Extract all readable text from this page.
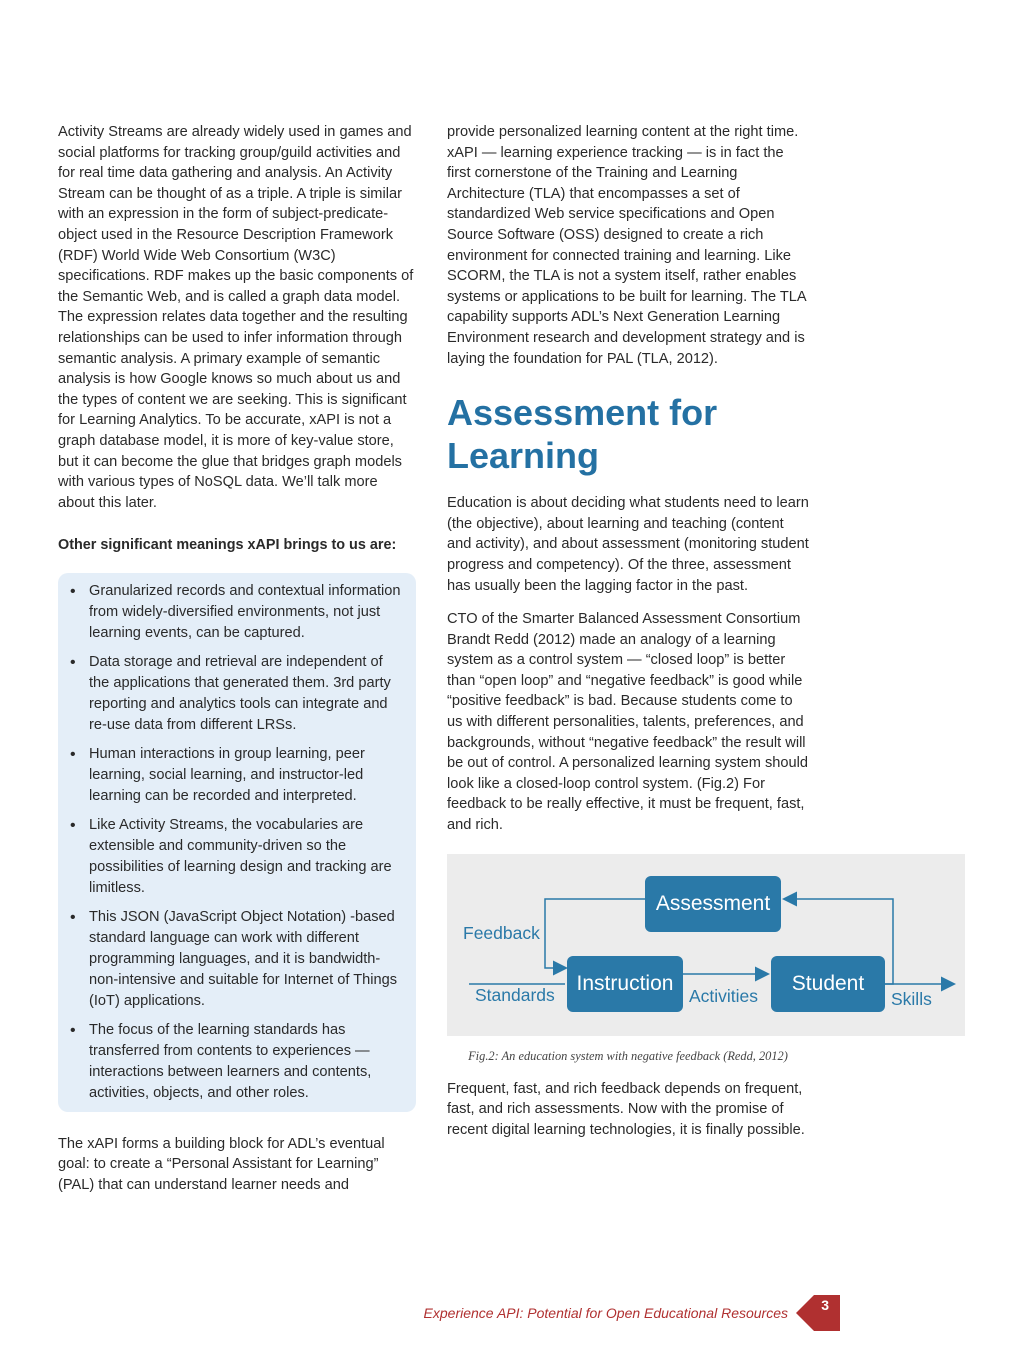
Activity Streams are already widely used in games and social platforms for tracking group/guild activities and for real time data gathering and analysis. An Activity Stream can be thought of as a triple. A triple is similar with an expression in the form of subject-predicate-object used in the Resource Description Framework (RDF) World Wide Web Consortium (W3C) specifications. RDF makes up the basic components of the Semantic Web, and is called a graph data model. The expression relates data together and the resulting relationships can be used to infer information through semantic analysis. A primary example of semantic analysis is how Google knows so much about us and the types of content we are seeking. This is significant for Learning Analytics. To be accurate, xAPI is not a graph database model, it is more of key-value store, but it can become the glue that bridges graph models with various types of NoSQL data. We’ll talk more about this later.

Other significant meanings xAPI brings to us are:

• Granularized records and contextual information from widely-diversified environments, not just learning events, can be captured.
• Data storage and retrieval are independent of the applications that generated them. 3rd party reporting and analytics tools can integrate and re-use data from different LRSs.
• Human interactions in group learning, peer learning, social learning, and instructor-led learning can be recorded and interpreted.
• Like Activity Streams, the vocabularies are extensible and community-driven so the possibilities of learning design and tracking are limitless.
• This JSON (JavaScript Object Notation) -based standard language can work with different programming languages, and it is bandwidth-non-intensive and suitable for Internet of Things (IoT) applications.
• The focus of the learning standards has transferred from contents to experiences — interactions between learners and contents, activities, objects, and other roles.

The xAPI forms a building block for ADL’s eventual goal: to create a “Personal Assistant for Learning” (PAL) that can understand learner needs and

provide personalized learning content at the right time. xAPI — learning experience tracking — is in fact the first cornerstone of the Training and Learning Architecture (TLA) that encompasses a set of standardized Web service specifications and Open Source Software (OSS) designed to create a rich environment for connected training and learning. Like SCORM, the TLA is not a system itself, rather enables systems or applications to be built for learning. The TLA capability supports ADL’s Next Generation Learning Environment research and development strategy and is laying the foundation for PAL (TLA, 2012).

Assessment for Learning

Education is about deciding what students need to learn (the objective), about learning and teaching (content and activity), and about assessment (monitoring student progress and competency). Of the three, assessment has usually been the lagging factor in the past.

CTO of the Smarter Balanced Assessment Consortium Brandt Redd (2012) made an analogy of a learning system as a control system — “closed loop” is better than “open loop” and “negative feedback” is good while “positive feedback” is bad. Because students come to us with different personalities, talents, preferences, and backgrounds, without “negative feedback” the result will be out of control. A personalized learning system should look like a closed-loop control system. (Fig.2) For feedback to be really effective, it must be frequent, fast, and rich.

Assessment
Instruction	Student
Feedback
Standards	Activities	Skills
Fig.2: An education system with negative feedback (Redd, 2012)

Frequent, fast, and rich feedback depends on frequent, fast, and rich assessments. Now with the promise of recent digital learning technologies, it is finally possible.

Experience API: Potential for Open Educational Resources 3
